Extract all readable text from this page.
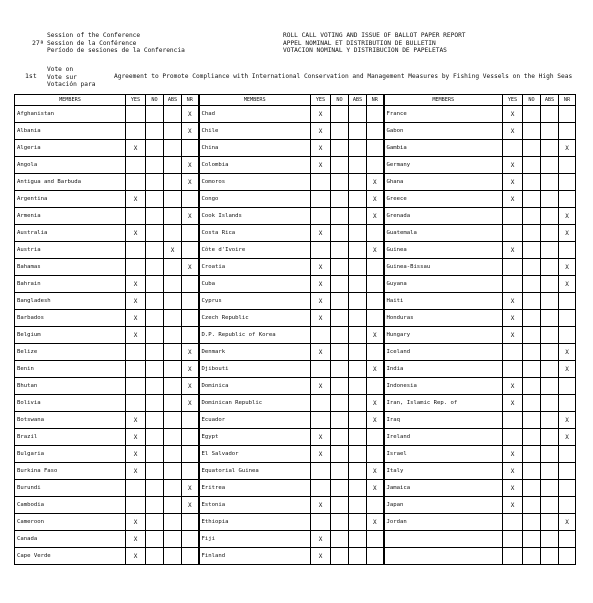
27ª
Session of the Conference
Session de la Conférence
Período de sesiones de la Conferencia
ROLL CALL VOTING AND ISSUE OF BALLOT PAPER REPORT
APPEL NOMINAL ET DISTRIBUTION DE BULLETIN
VOTACION NOMINAL Y DISTRIBUCION DE PAPELETAS
Vote on
Vote sur
Votación para
1st	Agreement to Promote Compliance with International Conservation and Management Measures by Fishing Vessels on the High Seas
MEMBERS	YES	NO	ABS	NR	MEMBERS	YES	NO	ABS	NR	MEMBERS	YES	NO	ABS	NR
Afghanistan				X	Chad	X				France	X			
Albania				X	Chile	X				Gabon	X			
Algeria	X				China	X				Gambia				X
Angola				X	Colombia	X				Germany	X			
Antigua and Barbuda				X	Comoros				X	Ghana	X			
Argentina	X				Congo				X	Greece	X			
Armenia				X	Cook Islands				X	Grenada				X
Australia	X				Costa Rica	X				Guatemala				X
Austria			X		Côte d'Ivoire				X	Guinea	X			
Bahamas				X	Croatia	X				Guinea-Bissau				X
Bahrain	X				Cuba	X				Guyana				X
Bangladesh	X				Cyprus	X				Haiti	X			
Barbados	X				Czech Republic	X				Honduras	X			
Belgium	X				D.P. Republic of Korea				X	Hungary	X			
Belize				X	Denmark	X				Iceland				X
Benin				X	Djibouti				X	India				X
Bhutan				X	Dominica	X				Indonesia	X			
Bolivia				X	Dominican Republic				X	Iran, Islamic Rep. of	X			
Botswana	X				Ecuador				X	Iraq				X
Brazil	X				Egypt	X				Ireland				X
Bulgaria	X				El Salvador	X				Israel	X			
Burkina Faso	X				Equatorial Guinea				X	Italy	X			
Burundi				X	Eritrea				X	Jamaica	X			
Cambodia				X	Estonia	X				Japan	X			
Cameroon	X				Ethiopia				X	Jordan				X
Canada	X				Fiji	X								
Cape Verde	X				Finland	X								
